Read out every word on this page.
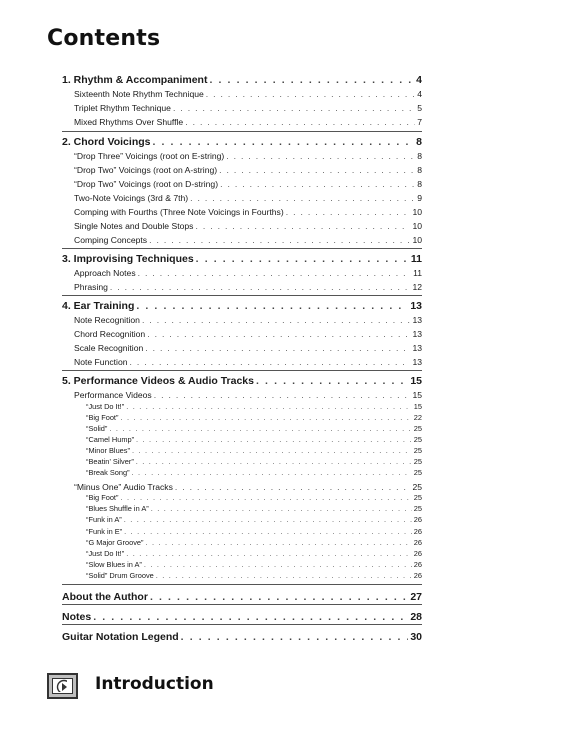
Contents
1. Rhythm & Accompaniment . . .	4
Sixteenth Note Rhythm Technique . . .	4
Triplet Rhythm Technique . . .	5
Mixed Rhythms Over Shuffle . . .	7
2. Chord Voicings . . .	8
“Drop Three” Voicings (root on E-string) . . .	8
“Drop Two” Voicings (root on A-string) . . .	8
“Drop Two” Voicings (root on D-string) . . .	8
Two-Note Voicings (3rd & 7th) . . .	9
Comping with Fourths (Three Note Voicings in Fourths) . . .	10
Single Notes and Double Stops . . .	10
Comping Concepts . . .	10
3. Improvising Techniques . . .	11
Approach Notes . . .	11
Phrasing . . .	12
4. Ear Training . . .	13
Note Recognition . . .	13
Chord Recognition . . .	13
Scale Recognition . . .	13
Note Function . . .	13
5. Performance Videos & Audio Tracks . . .	15
Performance Videos . . .	15
“Just Do It!” . . .	15
“Big Foot” . . .	22
“Solid” . . .	25
“Camel Hump” . . .	25
“Minor Blues” . . .	25
“Beatin’ Silver” . . .	25
“Break Song” . . .	25
“Minus One” Audio Tracks . . .	25
“Big Foot” . . .	25
“Blues Shuffle in A” . . .	25
“Funk in A” . . .	26
“Funk in E” . . .	26
“G Major Groove” . . .	26
“Just Do It!” . . .	26
“Slow Blues in A” . . .	26
“Solid” Drum Groove . . .	26
About the Author . . .	27
Notes . . .	28
Guitar Notation Legend . . .	30
Introduction
